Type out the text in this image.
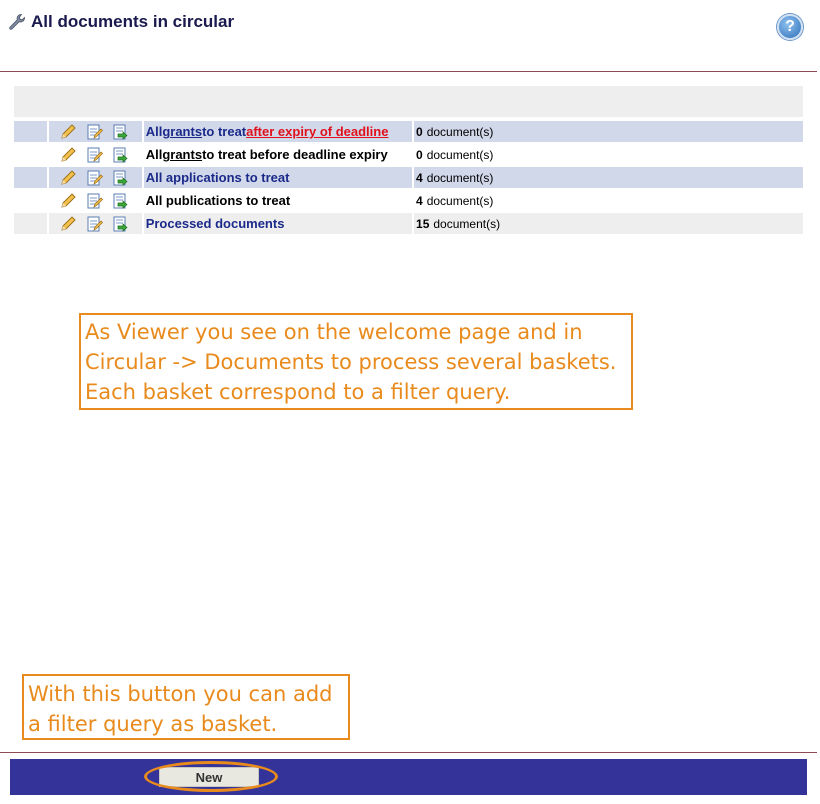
All documents in circular	?
All grants to treat after expiry of deadline 0 document(s)
All grants to treat before deadline expiry 0 document(s)
All applications to treat	4 document(s)
All publications to treat	4 document(s)
Processed documents	15 document(s)
As Viewer you see on the welcome page and in
Circular -> Documents to process several baskets.
Each basket correspond to a filter query.
With this button you can add
a filter query as basket.
New
